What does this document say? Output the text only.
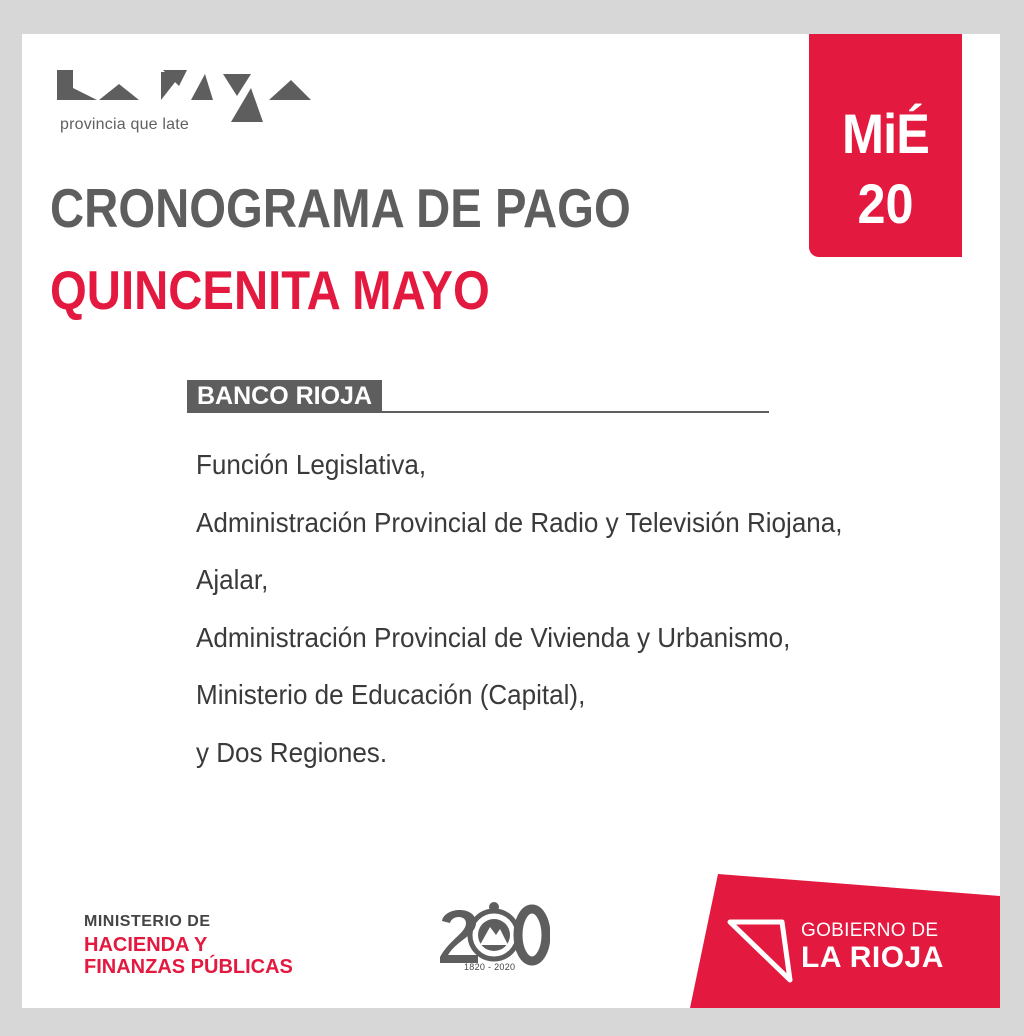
provincia que late	MiÉ
20
CRONOGRAMA DE PAGO
QUINCENITA MAYO
BANCO RIOJA
Función Legislativa,
Administración Provincial de Radio y Televisión Riojana,
Ajalar,
Administración Provincial de Vivienda y Urbanismo,
Ministerio de Educación (Capital),
y Dos Regiones.
MINISTERIO DE
HACIENDA Y
FINANZAS PÚBLICAS	1820 - 2020
GOBIERNO DE
LA RIOJA
